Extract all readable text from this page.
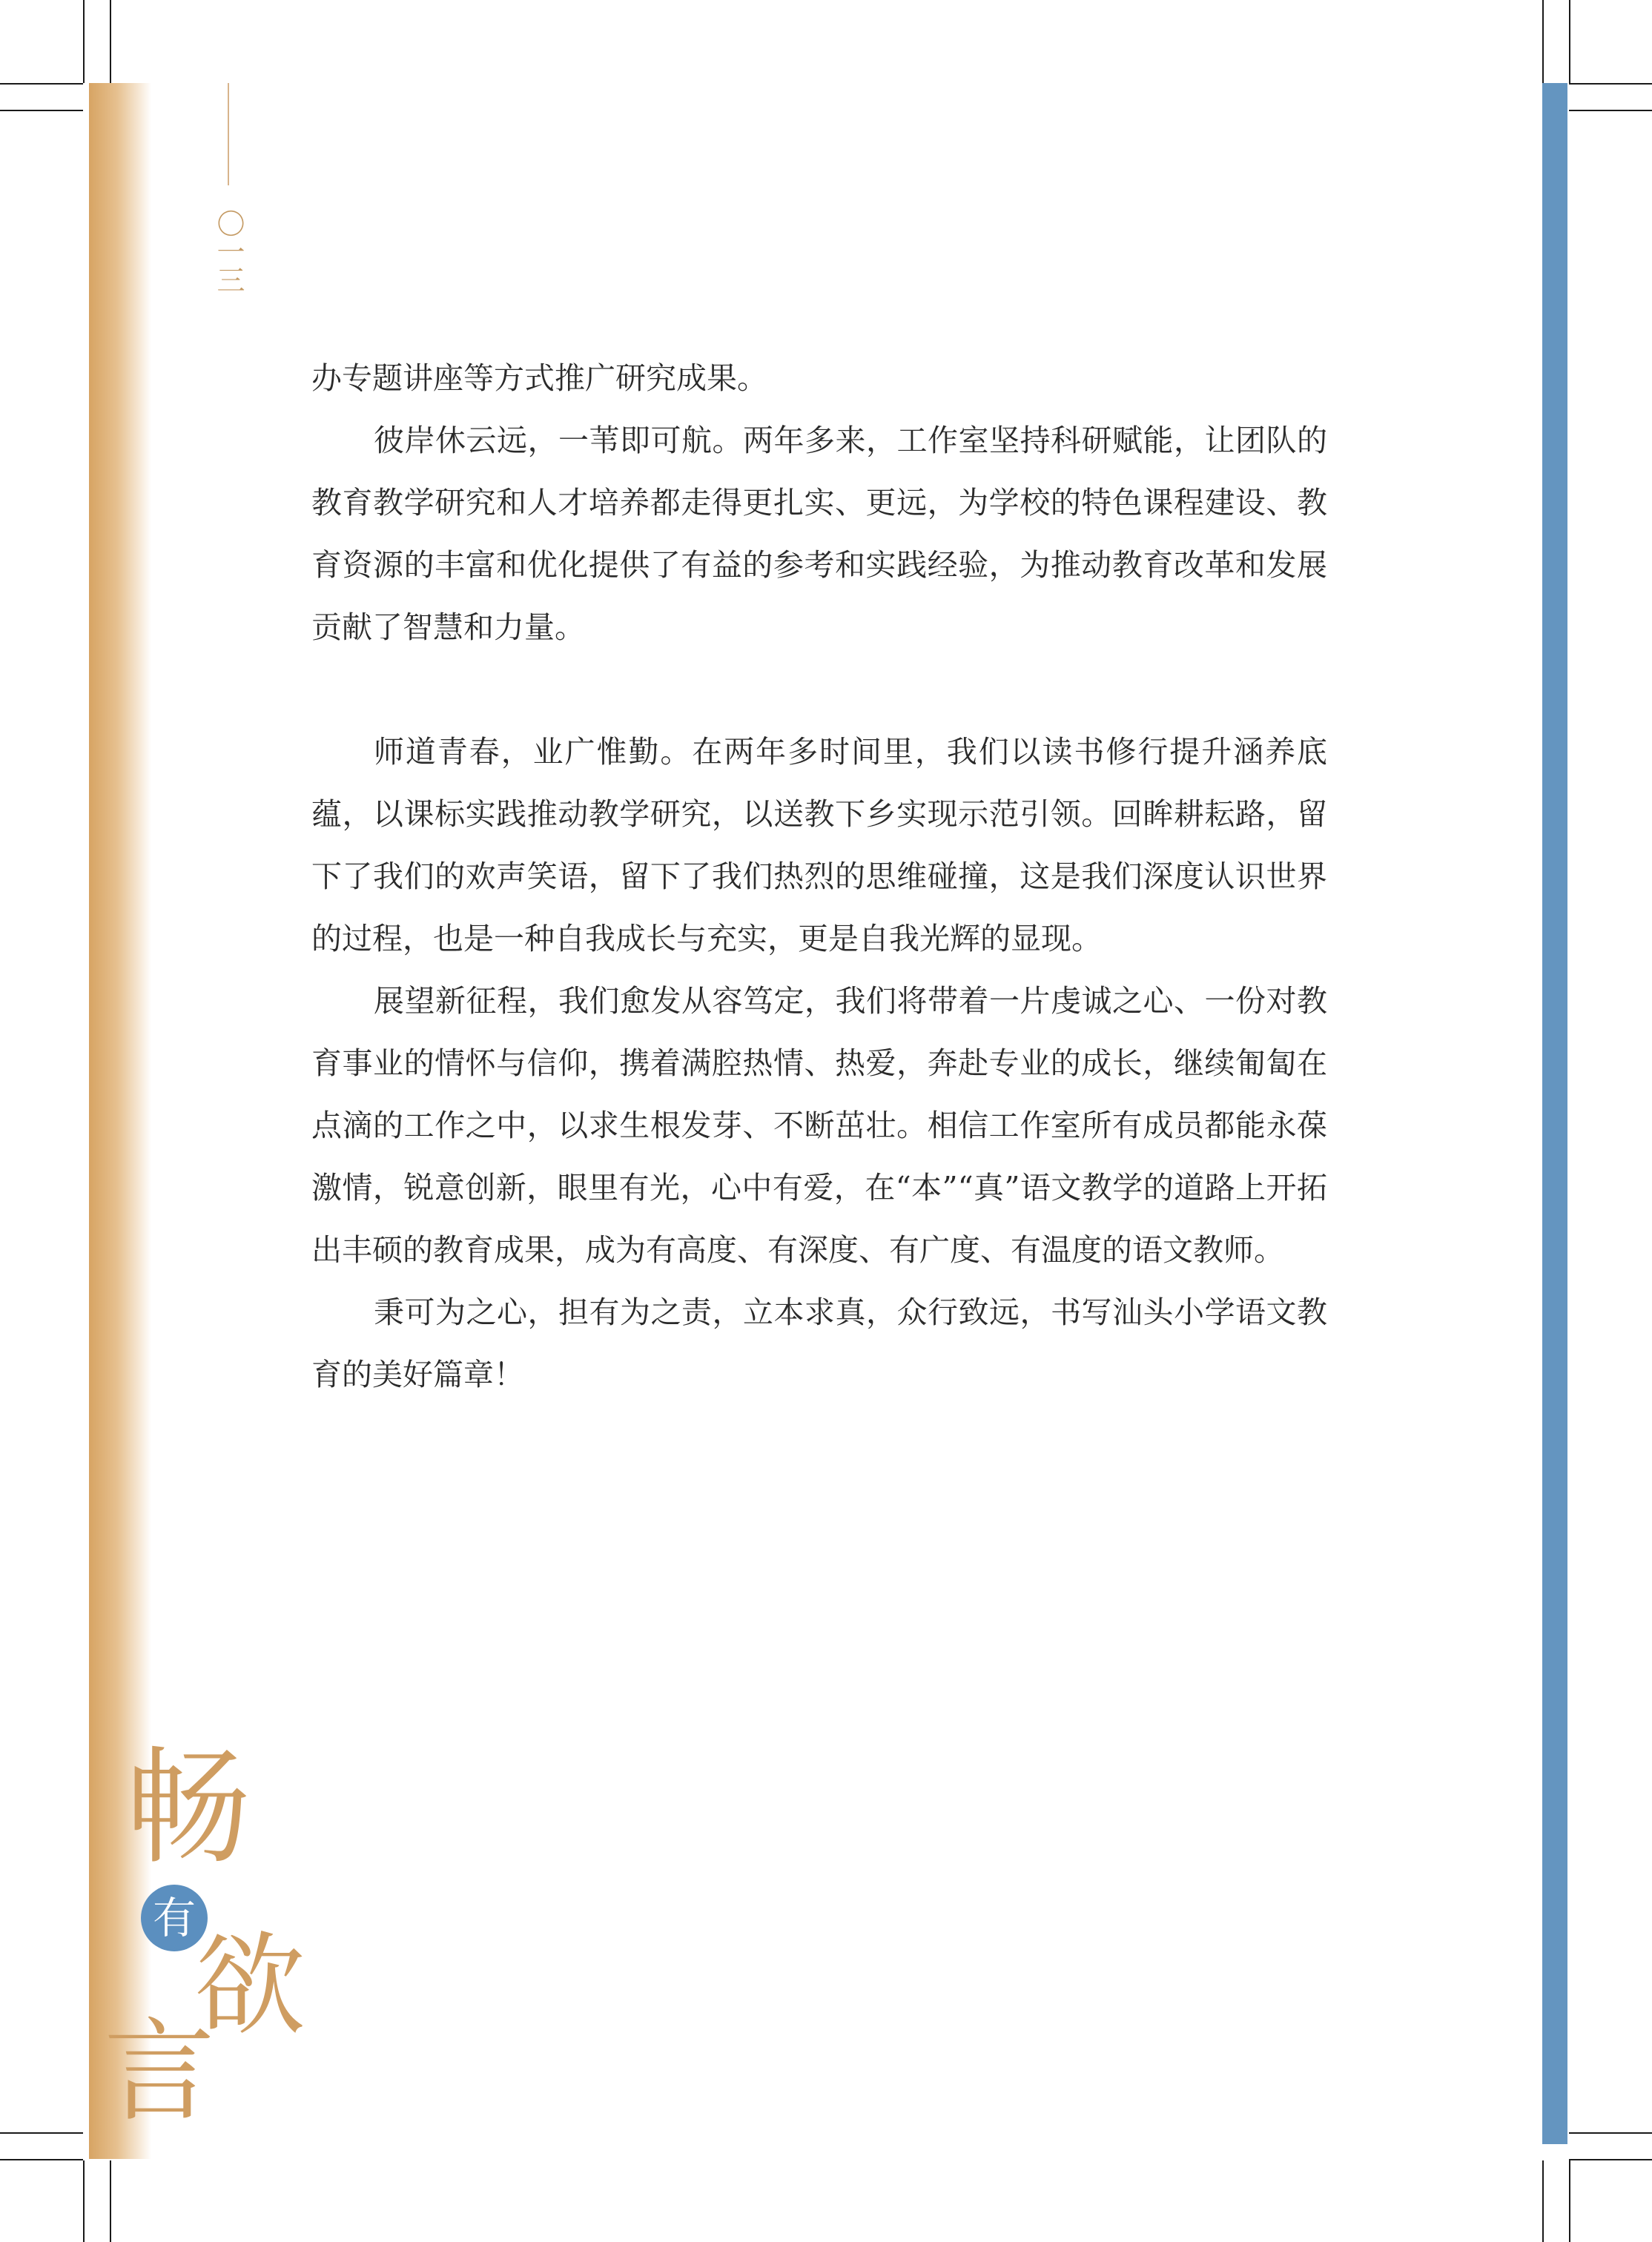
〇一三

办专题讲座等方式推广研究成果。

彼岸休云远，一苇即可航。两年多来，工作室坚持科研赋能，让团队的教育教学研究和人才培养都走得更扎实、更远，为学校的特色课程建设、教育资源的丰富和优化提供了有益的参考和实践经验，为推动教育改革和发展贡献了智慧和力量。

师道青春，业广惟勤。在两年多时间里，我们以读书修行提升涵养底蕴，以课标实践推动教学研究，以送教下乡实现示范引领。回眸耕耘路，留下了我们的欢声笑语，留下了我们热烈的思维碰撞，这是我们深度认识世界的过程，也是一种自我成长与充实，更是自我光辉的显现。

展望新征程，我们愈发从容笃定，我们将带着一片虔诚之心、一份对教育事业的情怀与信仰，携着满腔热情、热爱，奔赴专业的成长，继续匍匐在点滴的工作之中，以求生根发芽、不断茁壮。相信工作室所有成员都能永葆激情，锐意创新，眼里有光，心中有爱，在“本”“真”语文教学的道路上开拓出丰硕的教育成果，成为有高度、有深度、有广度、有温度的语文教师。

秉可为之心，担有为之责，立本求真，众行致远，书写汕头小学语文教育的美好篇章！

畅
有
欲
言
